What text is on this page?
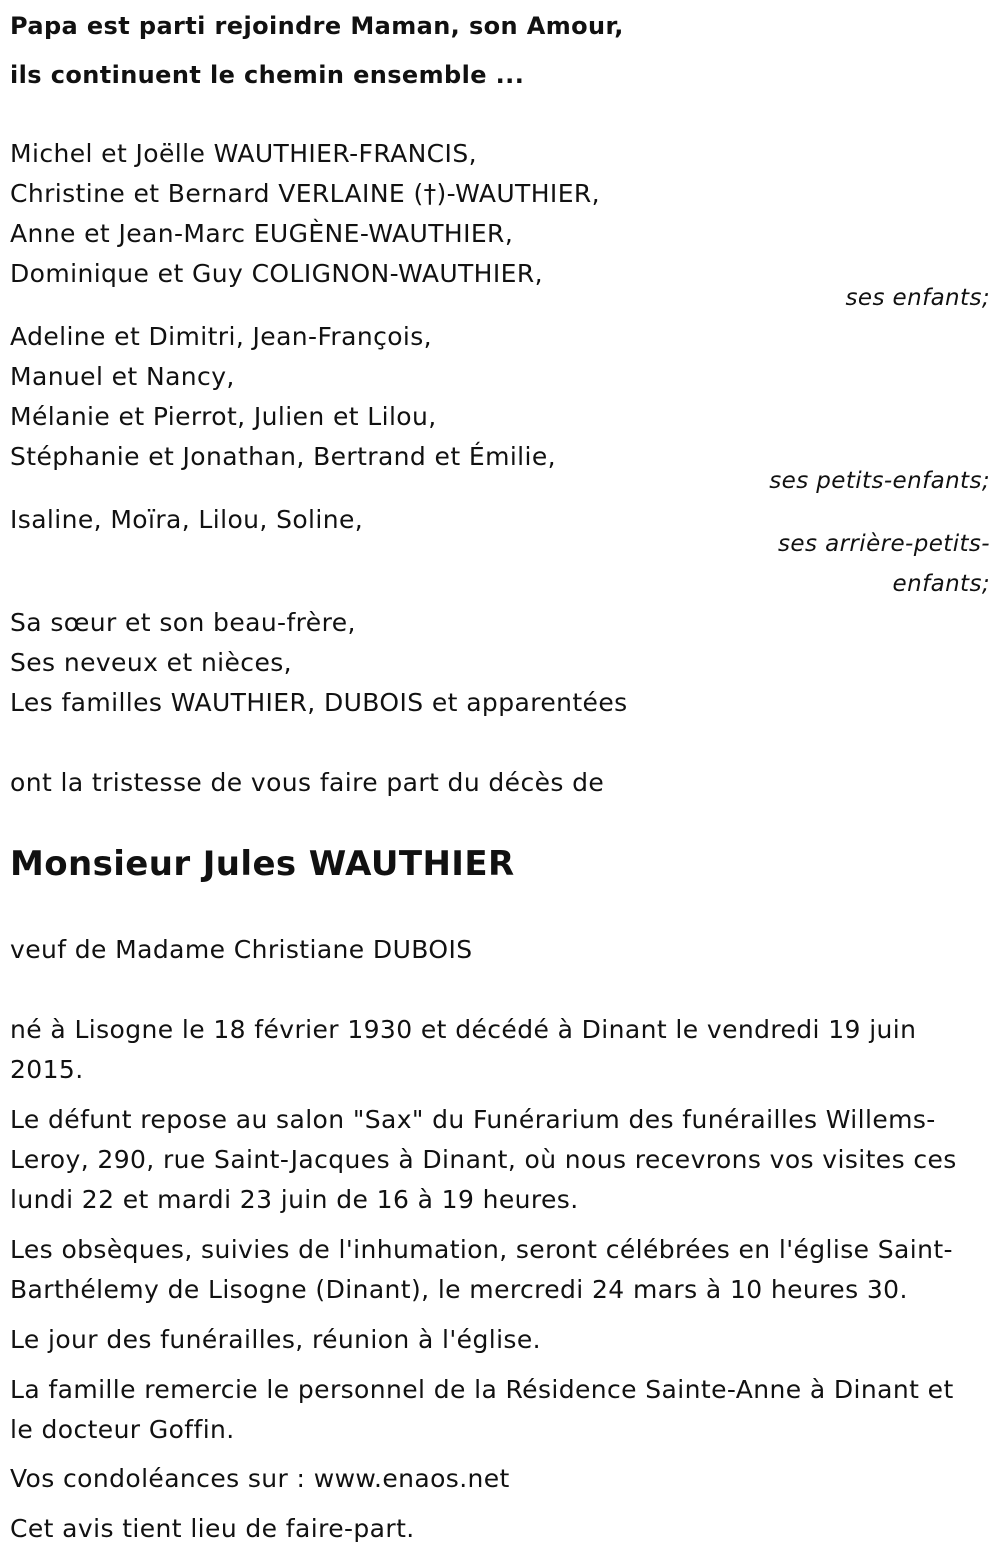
Papa est parti rejoindre Maman, son Amour,
ils continuent le chemin ensemble ...
Michel et Joëlle WAUTHIER-FRANCIS,
Christine et Bernard VERLAINE (†)-WAUTHIER,
Anne et Jean-Marc EUGÈNE-WAUTHIER,
Dominique et Guy COLIGNON-WAUTHIER,
ses enfants;
Adeline et Dimitri, Jean-François,
Manuel et Nancy,
Mélanie et Pierrot, Julien et Lilou,
Stéphanie et Jonathan, Bertrand et Émilie,
ses petits-enfants;
Isaline, Moïra, Lilou, Soline,
ses arrière-petits-
enfants;
Sa sœur et son beau-frère,
Ses neveux et nièces,
Les familles WAUTHIER, DUBOIS et apparentées
ont la tristesse de vous faire part du décès de
Monsieur Jules WAUTHIER
veuf de Madame Christiane DUBOIS
né à Lisogne le 18 février 1930 et décédé à Dinant le vendredi 19 juin
2015.
Le défunt repose au salon "Sax" du Funérarium des funérailles Willems-
Leroy, 290, rue Saint-Jacques à Dinant, où nous recevrons vos visites ces
lundi 22 et mardi 23 juin de 16 à 19 heures.
Les obsèques, suivies de l'inhumation, seront célébrées en l'église Saint-
Barthélemy de Lisogne (Dinant), le mercredi 24 mars à 10 heures 30.
Le jour des funérailles, réunion à l'église.
La famille remercie le personnel de la Résidence Sainte-Anne à Dinant et
le docteur Goffin.
Vos condoléances sur : www.enaos.net
Cet avis tient lieu de faire-part.
